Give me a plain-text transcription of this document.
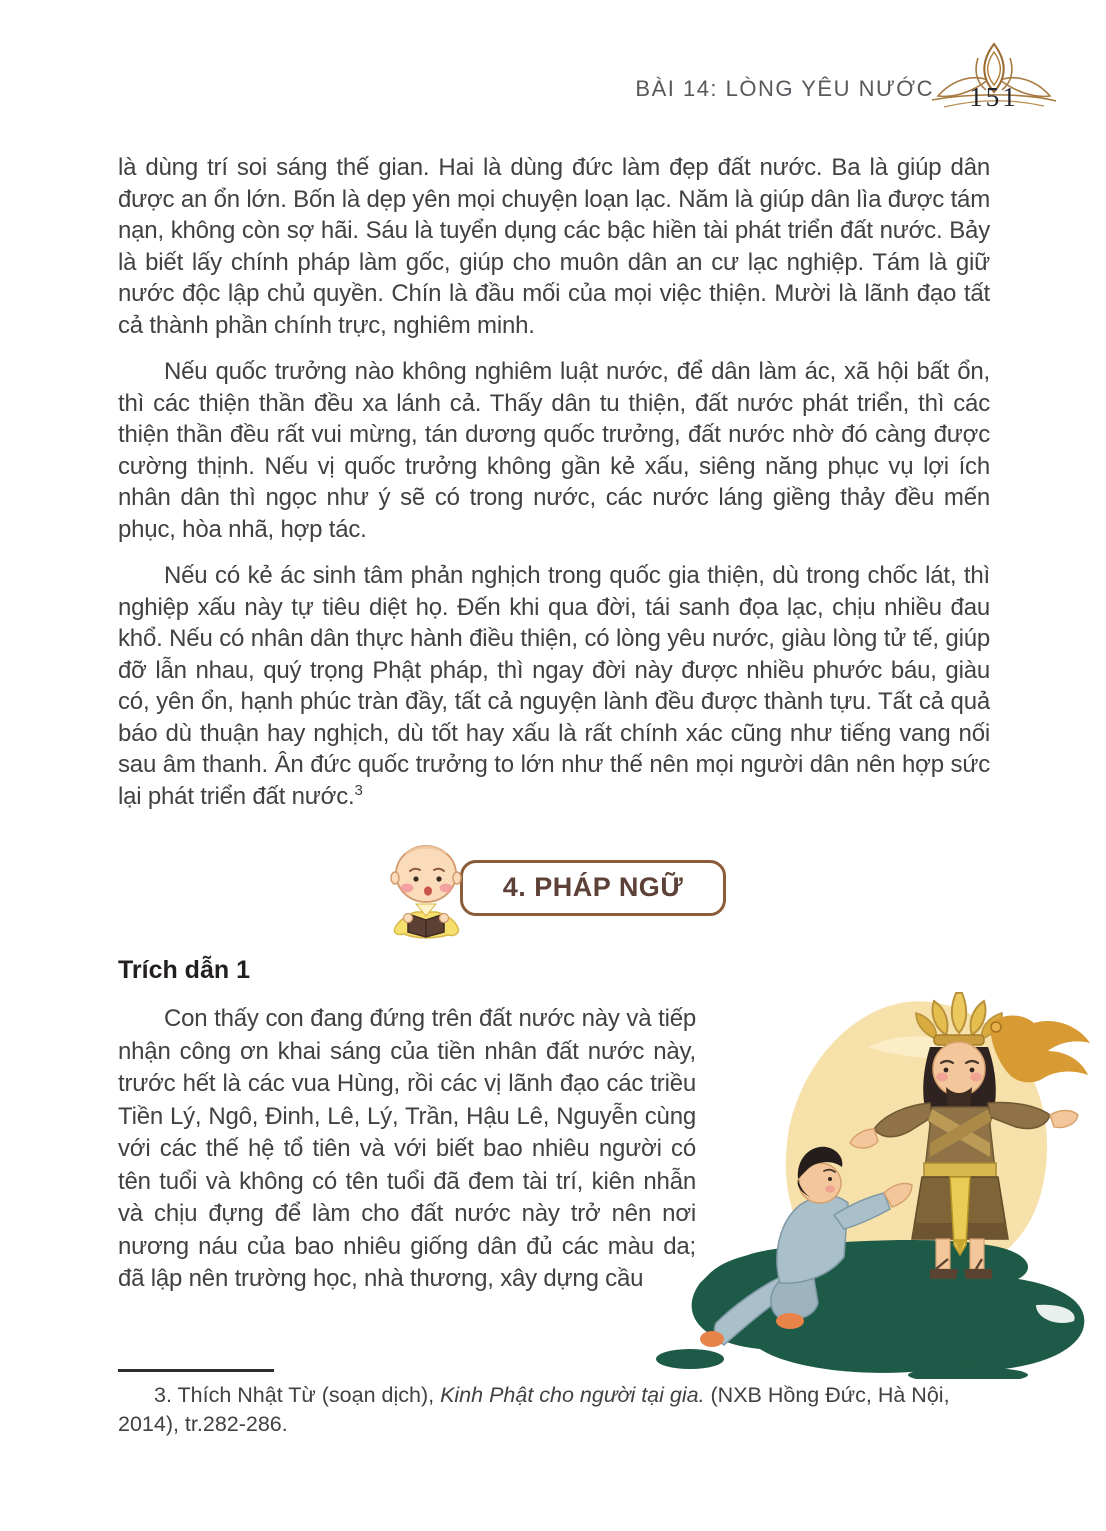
BÀI 14: LÒNG YÊU NƯỚC	151

là dùng trí soi sáng thế gian. Hai là dùng đức làm đẹp đất nước. Ba là giúp dân được an ổn lớn. Bốn là dẹp yên mọi chuyện loạn lạc. Năm là giúp dân lìa được tám nạn, không còn sợ hãi. Sáu là tuyển dụng các bậc hiền tài phát triển đất nước. Bảy là biết lấy chính pháp làm gốc, giúp cho muôn dân an cư lạc nghiệp. Tám là giữ nước độc lập chủ quyền. Chín là đầu mối của mọi việc thiện. Mười là lãnh đạo tất cả thành phần chính trực, nghiêm minh.

Nếu quốc trưởng nào không nghiêm luật nước, để dân làm ác, xã hội bất ổn, thì các thiện thần đều xa lánh cả. Thấy dân tu thiện, đất nước phát triển, thì các thiện thần đều rất vui mừng, tán dương quốc trưởng, đất nước nhờ đó càng được cường thịnh. Nếu vị quốc trưởng không gần kẻ xấu, siêng năng phục vụ lợi ích nhân dân thì ngọc như ý sẽ có trong nước, các nước láng giềng thảy đều mến phục, hòa nhã, hợp tác.

Nếu có kẻ ác sinh tâm phản nghịch trong quốc gia thiện, dù trong chốc lát, thì nghiệp xấu này tự tiêu diệt họ. Đến khi qua đời, tái sanh đọa lạc, chịu nhiều đau khổ. Nếu có nhân dân thực hành điều thiện, có lòng yêu nước, giàu lòng tử tế, giúp đỡ lẫn nhau, quý trọng Phật pháp, thì ngay đời này được nhiều phước báu, giàu có, yên ổn, hạnh phúc tràn đầy, tất cả nguyện lành đều được thành tựu. Tất cả quả báo dù thuận hay nghịch, dù tốt hay xấu là rất chính xác cũng như tiếng vang nối sau âm thanh. Ân đức quốc trưởng to lớn như thế nên mọi người dân nên hợp sức lại phát triển đất nước.$^3$

4. PHÁP NGỮ
Trích dẫn 1
Con thấy con đang đứng trên đất nước này và tiếp nhận công ơn khai sáng của tiền nhân đất nước này, trước hết là các vua Hùng, rồi các vị lãnh đạo các triều Tiền Lý, Ngô, Đinh, Lê, Lý, Trần, Hậu Lê, Nguyễn cùng với các thế hệ tổ tiên và với biết bao nhiêu người có tên tuổi và không có tên tuổi đã đem tài trí, kiên nhẫn và chịu đựng để làm cho đất nước này trở nên nơi nương náu của bao nhiêu giống dân đủ các màu da; đã lập nên trường học, nhà thương, xây dựng cầu
3. Thích Nhật Từ (soạn dịch), Kinh Phật cho người tại gia. (NXB Hồng Đức, Hà Nội, 2014), tr.282-286.
